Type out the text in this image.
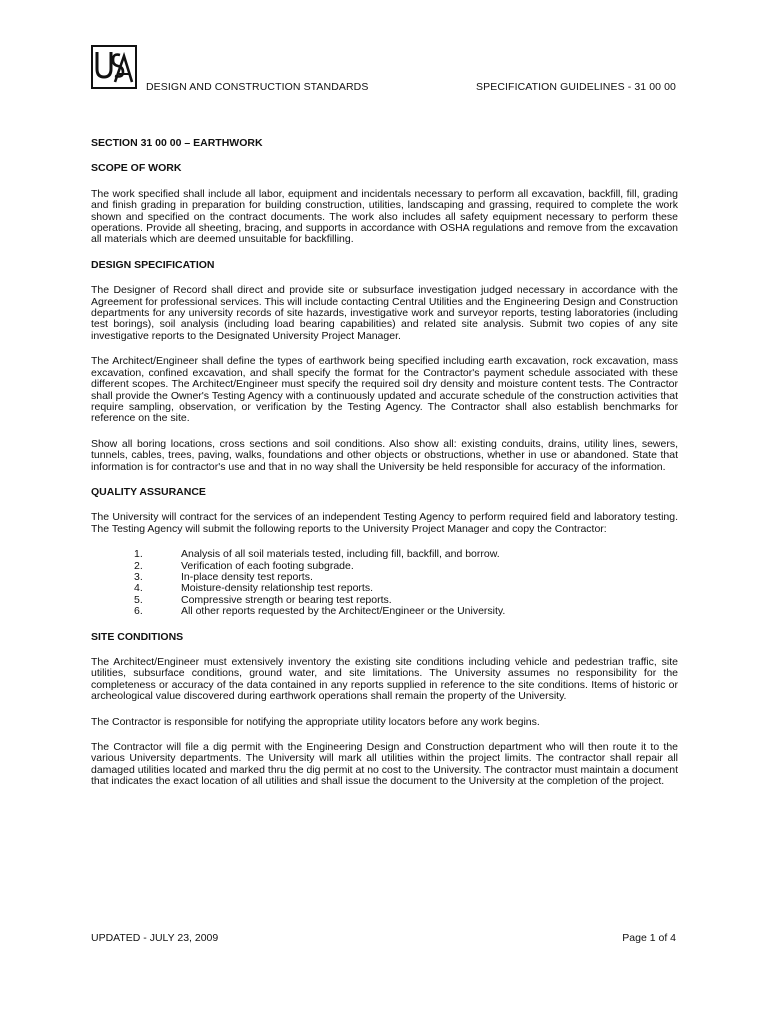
DESIGN AND CONSTRUCTION STANDARDS	SPECIFICATION GUIDELINES - 31 00 00
SECTION 31 00 00 – EARTHWORK
SCOPE OF WORK

The work specified shall include all labor, equipment and incidentals necessary to perform all excavation, backfill, fill, grading and finish grading in preparation for building construction, utilities, landscaping and grassing, required to complete the work shown and specified on the contract documents. The work also includes all safety equipment necessary to perform these operations. Provide all sheeting, bracing, and supports in accordance with OSHA regulations and remove from the excavation all materials which are deemed unsuitable for backfilling.

DESIGN SPECIFICATION

The Designer of Record shall direct and provide site or subsurface investigation judged necessary in accordance with the Agreement for professional services. This will include contacting Central Utilities and the Engineering Design and Construction departments for any university records of site hazards, investigative work and surveyor reports, testing laboratories (including test borings), soil analysis (including load bearing capabilities) and related site analysis. Submit two copies of any site investigative reports to the Designated University Project Manager.

The Architect/Engineer shall define the types of earthwork being specified including earth excavation, rock excavation, mass excavation, confined excavation, and shall specify the format for the Contractor's payment schedule associated with these different scopes. The Architect/Engineer must specify the required soil dry density and moisture content tests. The Contractor shall provide the Owner's Testing Agency with a continuously updated and accurate schedule of the construction activities that require sampling, observation, or verification by the Testing Agency. The Contractor shall also establish benchmarks for reference on the site.

Show all boring locations, cross sections and soil conditions. Also show all: existing conduits, drains, utility lines, sewers, tunnels, cables, trees, paving, walks, foundations and other objects or obstructions, whether in use or abandoned. State that information is for contractor's use and that in no way shall the University be held responsible for accuracy of the information.

QUALITY ASSURANCE

The University will contract for the services of an independent Testing Agency to perform required field and laboratory testing. The Testing Agency will submit the following reports to the University Project Manager and copy the Contractor:

1.	Analysis of all soil materials tested, including fill, backfill, and borrow.
2.	Verification of each footing subgrade.
3.	In-place density test reports.
4.	Moisture-density relationship test reports.
5.	Compressive strength or bearing test reports.
6.	All other reports requested by the Architect/Engineer or the University.
SITE CONDITIONS

The Architect/Engineer must extensively inventory the existing site conditions including vehicle and pedestrian traffic, site utilities, subsurface conditions, ground water, and site limitations. The University assumes no responsibility for the completeness or accuracy of the data contained in any reports supplied in reference to the site conditions. Items of historic or archeological value discovered during earthwork operations shall remain the property of the University.

The Contractor is responsible for notifying the appropriate utility locators before any work begins.

The Contractor will file a dig permit with the Engineering Design and Construction department who will then route it to the various University departments. The University will mark all utilities within the project limits. The contractor shall repair all damaged utilities located and marked thru the dig permit at no cost to the University. The contractor must maintain a document that indicates the exact location of all utilities and shall issue the document to the University at the completion of the project.

UPDATED - JULY 23, 2009	Page 1 of 4
